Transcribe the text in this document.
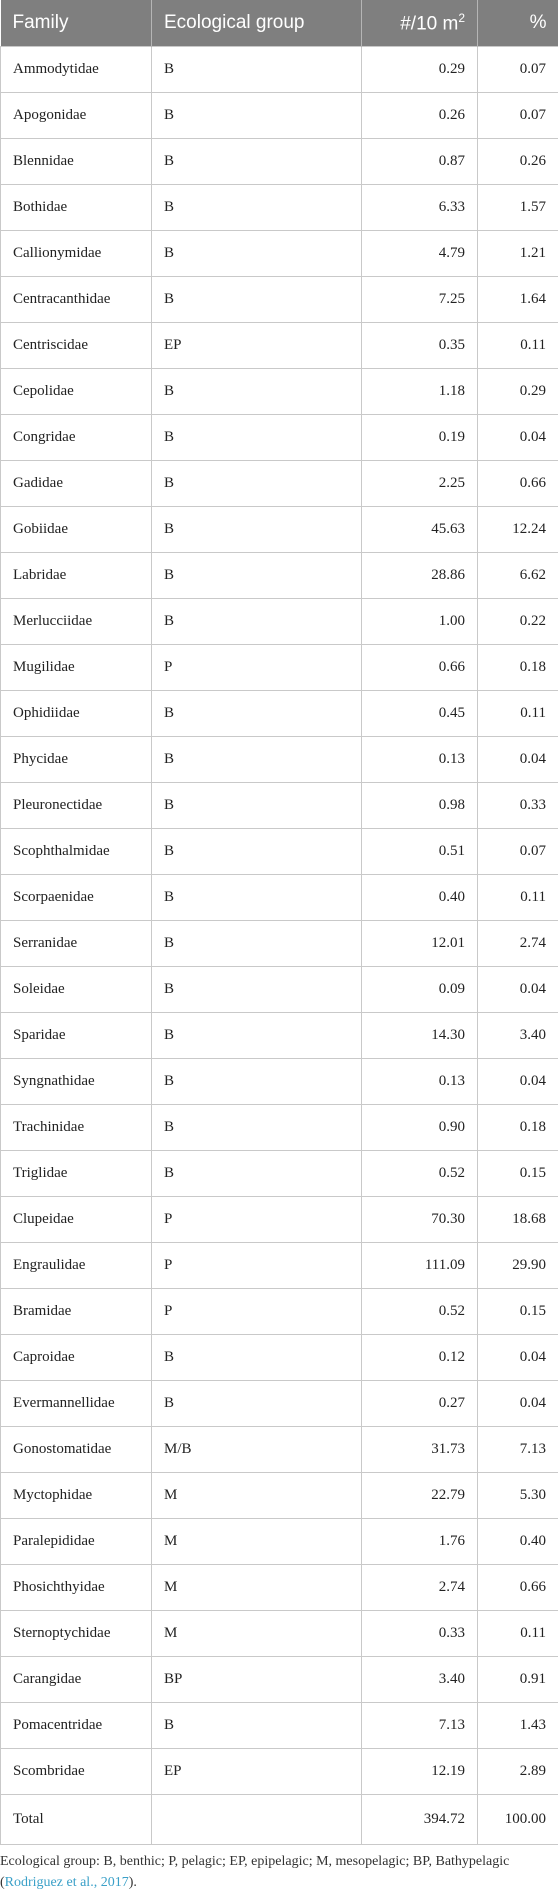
Family	Ecological group	#/10 $m^2$	%
Ammodytidae	B	0.29	0.07
Apogonidae	B	0.26	0.07
Blennidae	B	0.87	0.26
Bothidae	B	6.33	1.57
Callionymidae	B	4.79	1.21
Centracanthidae	B	7.25	1.64
Centriscidae	EP	0.35	0.11
Cepolidae	B	1.18	0.29
Congridae	B	0.19	0.04
Gadidae	B	2.25	0.66
Gobiidae	B	45.63	12.24
Labridae	B	28.86	6.62
Merlucciidae	B	1.00	0.22
Mugilidae	P	0.66	0.18
Ophidiidae	B	0.45	0.11
Phycidae	B	0.13	0.04
Pleuronectidae	B	0.98	0.33
Scophthalmidae	B	0.51	0.07
Scorpaenidae	B	0.40	0.11
Serranidae	B	12.01	2.74
Soleidae	B	0.09	0.04
Sparidae	B	14.30	3.40
Syngnathidae	B	0.13	0.04
Trachinidae	B	0.90	0.18
Triglidae	B	0.52	0.15
Clupeidae	P	70.30	18.68
Engraulidae	P	111.09	29.90
Bramidae	P	0.52	0.15
Caproidae	B	0.12	0.04
Evermannellidae	B	0.27	0.04
Gonostomatidae	M/B	31.73	7.13
Myctophidae	M	22.79	5.30
Paralepididae	M	1.76	0.40
Phosichthyidae	M	2.74	0.66
Sternoptychidae	M	0.33	0.11
Carangidae	BP	3.40	0.91
Pomacentridae	B	7.13	1.43
Scombridae	EP	12.19	2.89
Total		394.72	100.00

Ecological group: B, benthic; P, pelagic; EP, epipelagic; M, mesopelagic; BP, Bathypelagic (Rodriguez et al., 2017).
